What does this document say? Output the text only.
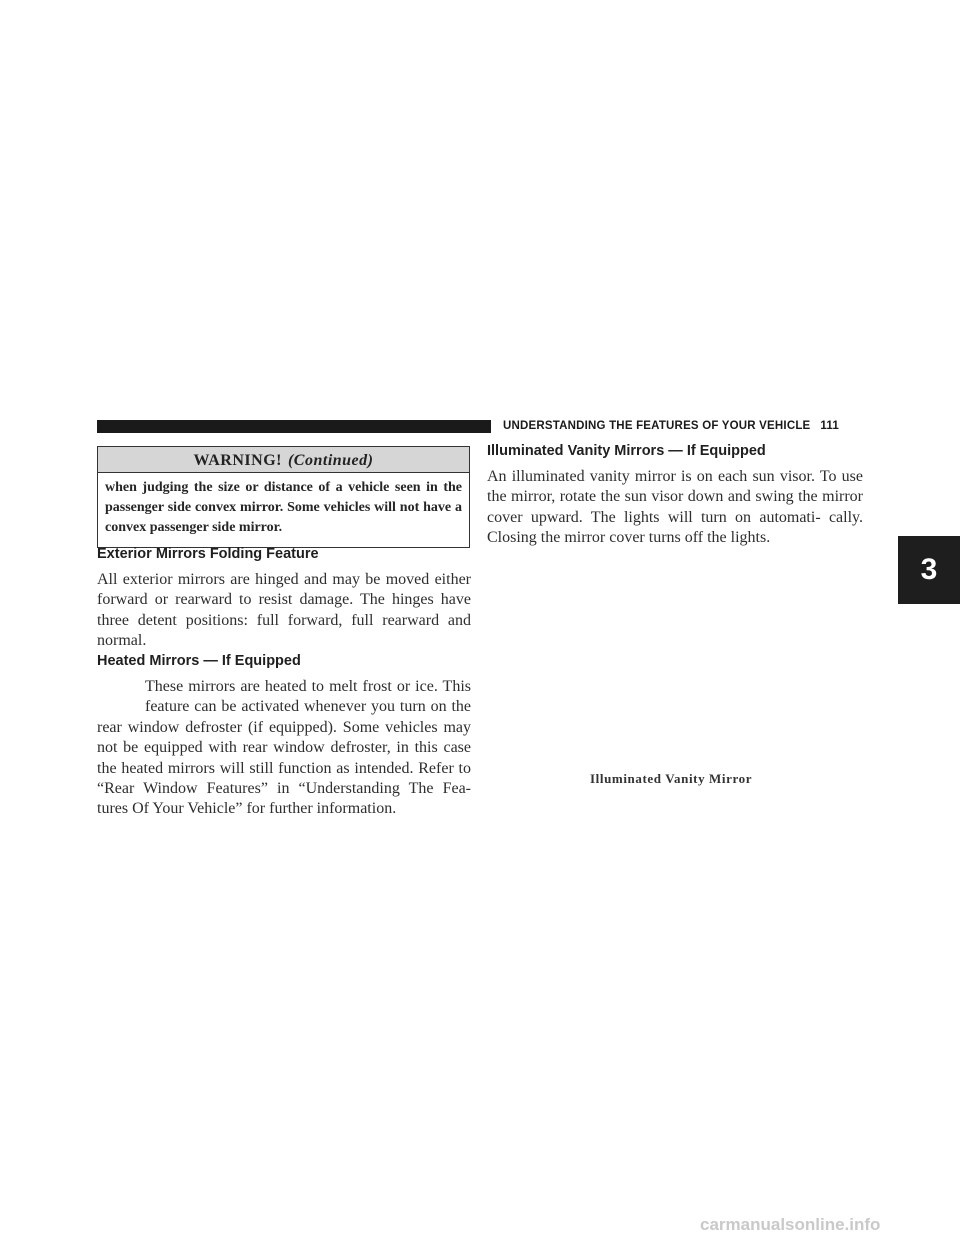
UNDERSTANDING THE FEATURES OF YOUR VEHICLE 111
WARNING! (Continued)
when judging the size or distance of a vehicle seen in the passenger side convex mirror. Some vehicles will not have a convex passenger side mirror.
Exterior Mirrors Folding Feature

All exterior mirrors are hinged and may be moved either forward or rearward to resist damage. The hinges have three detent positions: full forward, full rearward and normal.

Heated Mirrors — If Equipped
These mirrors are heated to melt frost or ice. This
feature can be activated whenever you turn on the
rear window defroster (if equipped). Some vehicles may not be equipped with rear window defroster, in this case the heated mirrors will still function as intended. Refer to “Rear Window Features” in “Understanding The Fea- tures Of Your Vehicle” for further information.
Illuminated Vanity Mirrors — If Equipped

An illuminated vanity mirror is on each sun visor. To use the mirror, rotate the sun visor down and swing the mirror cover upward. The lights will turn on automati- cally. Closing the mirror cover turns off the lights.

Illuminated Vanity Mirror
3
carmanualsonline.info
